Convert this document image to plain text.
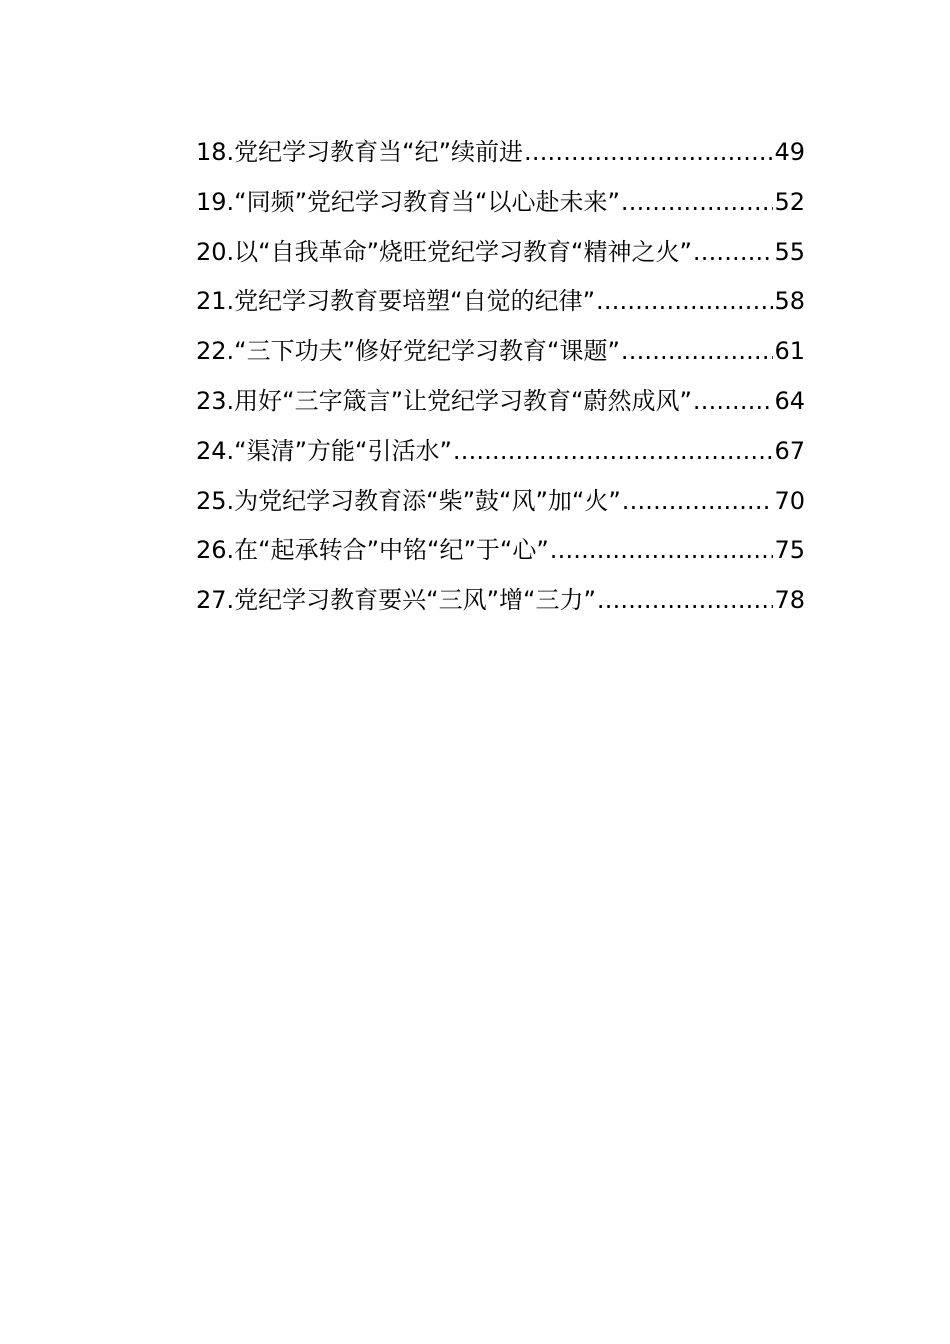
18.党纪学习教育当“纪”续前进 .....	49
19.“同频”党纪学习教育当“以心赴未来” .....	52
20.以“自我革命”烧旺党纪学习教育“精神之火” .....	55
21.党纪学习教育要培塑“自觉的纪律” .....	58
22.“三下功夫”修好党纪学习教育“课题” .....	61
23.用好“三字箴言”让党纪学习教育“蔚然成风” .....	64
24.“渠清”方能“引活水” .....	67
25.为党纪学习教育添“柴”鼓“风”加“火” .....	70
26.在“起承转合”中铭“纪”于“心” .....	75
27.党纪学习教育要兴“三风”增“三力” .....	78
